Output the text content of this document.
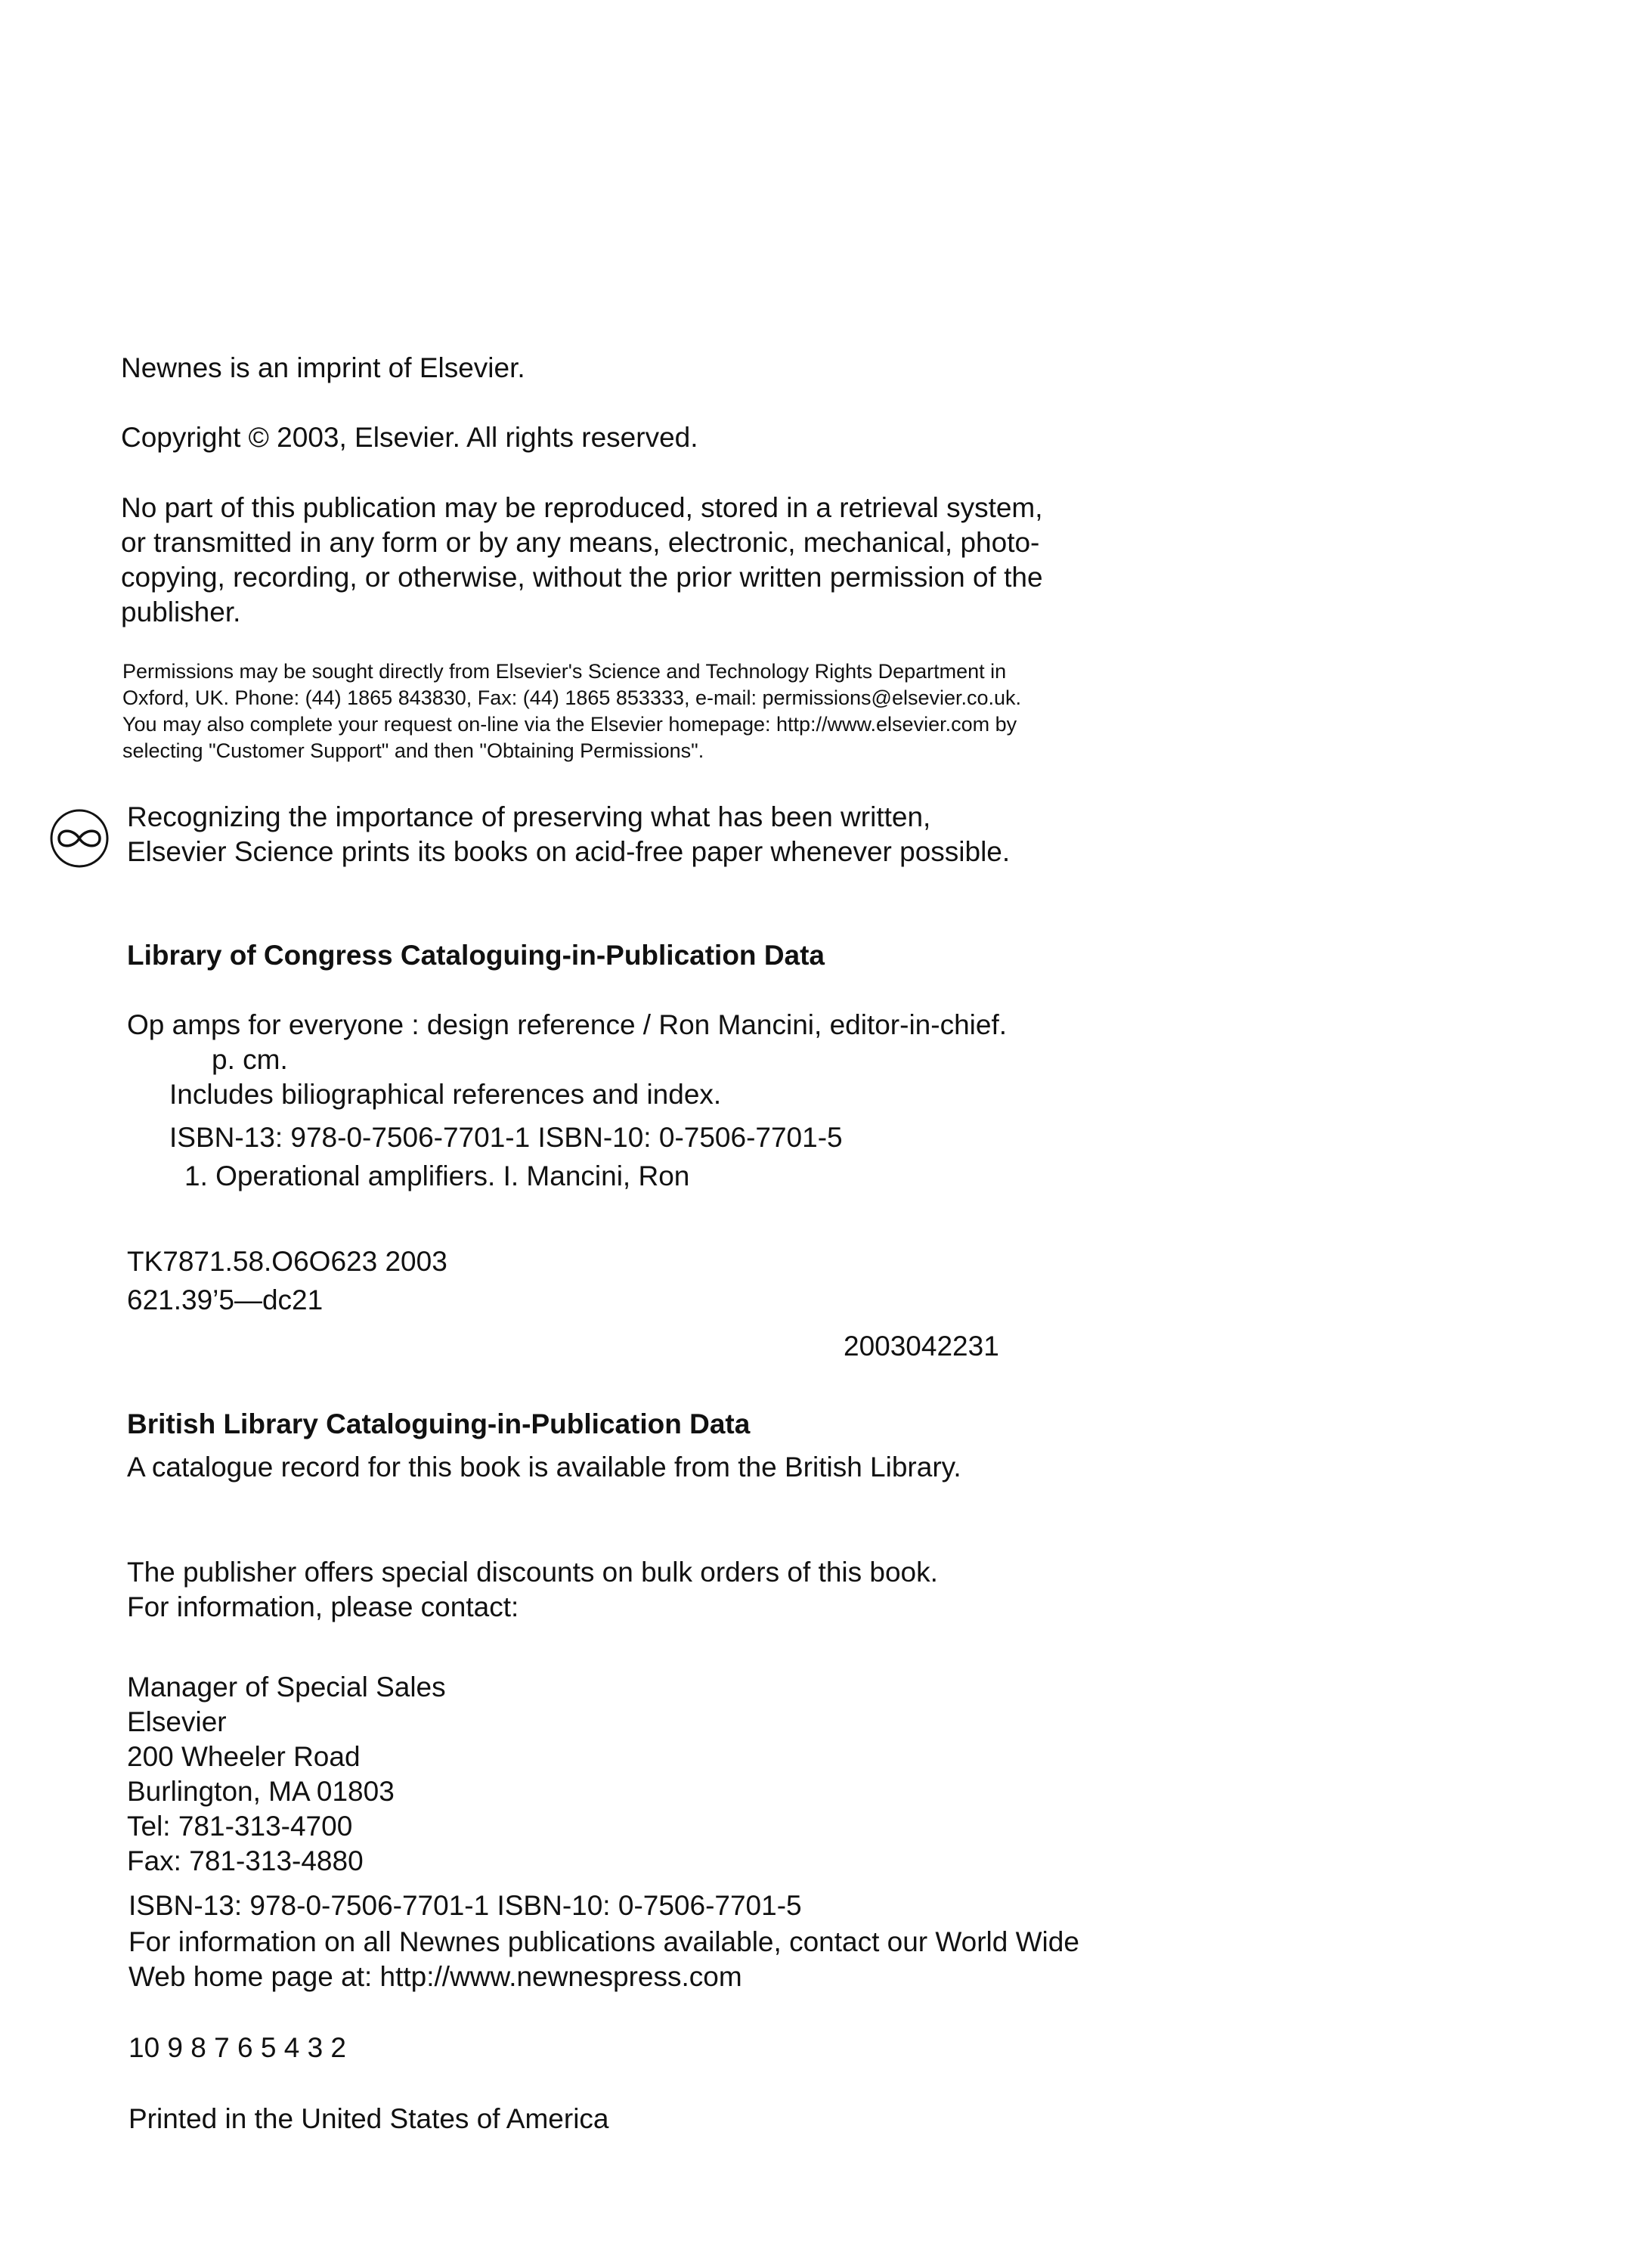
Newnes is an imprint of Elsevier.
Copyright © 2003, Elsevier. All rights reserved.
No part of this publication may be reproduced, stored in a retrieval system,
or transmitted in any form or by any means, electronic, mechanical, photo-
copying, recording, or otherwise, without the prior written permission of the
publisher.
Permissions may be sought directly from Elsevier's Science and Technology Rights Department in
Oxford, UK. Phone: (44) 1865 843830, Fax: (44) 1865 853333, e-mail: permissions@elsevier.co.uk.
You may also complete your request on-line via the Elsevier homepage: http://www.elsevier.com by
selecting "Customer Support" and then "Obtaining Permissions".
Recognizing the importance of preserving what has been written,
Elsevier Science prints its books on acid-free paper whenever possible.
Library of Congress Cataloguing-in-Publication Data
Op amps for everyone : design reference / Ron Mancini, editor-in-chief.
p. cm.
Includes biliographical references and index.
ISBN-13: 978-0-7506-7701-1 ISBN-10: 0-7506-7701-5
1. Operational amplifiers. I. Mancini, Ron
TK7871.58.O6O623 2003
621.39’5—dc21
2003042231
British Library Cataloguing-in-Publication Data
A catalogue record for this book is available from the British Library.
The publisher offers special discounts on bulk orders of this book.
For information, please contact:
Manager of Special Sales
Elsevier
200 Wheeler Road
Burlington, MA 01803
Tel: 781-313-4700
Fax: 781-313-4880
ISBN-13: 978-0-7506-7701-1 ISBN-10: 0-7506-7701-5
For information on all Newnes publications available, contact our World Wide
Web home page at: http://www.newnespress.com
10 9 8 7 6 5 4 3 2
Printed in the United States of America
